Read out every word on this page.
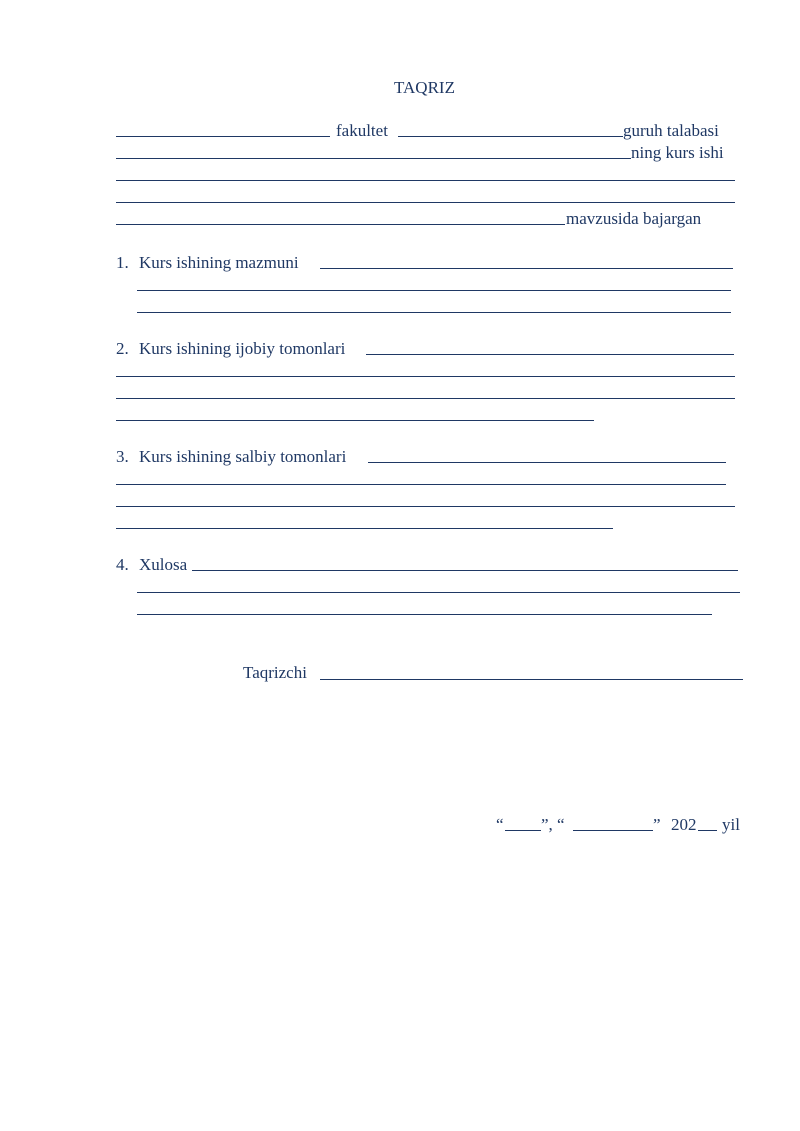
TAQRIZ
fakultet	guruh talabasi
ning kurs ishi
mavzusida bajargan
1. Kurs ishining mazmuni
2. Kurs ishining ijobiy tomonlari
3. Kurs ishining salbiy tomonlari
4. Xulosa
Taqrizchi
“ ”, “	” 202 yil
